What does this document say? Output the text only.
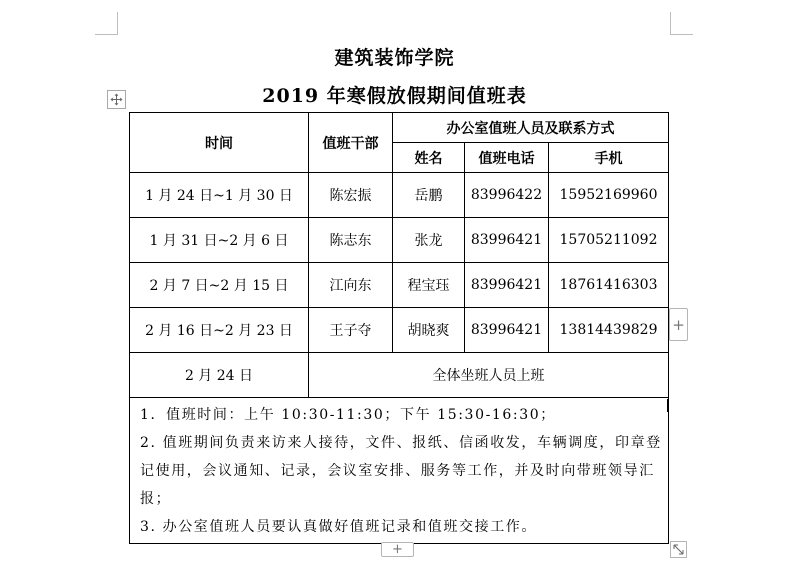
建筑装饰学院
2019 年寒假放假期间值班表
时间	值班干部	办公室值班人员及联系方式		
		姓名	值班电话	手机
1 月 24 日~1 月 30 日	陈宏振	岳鹏	83996422	15952169960
1 月 31 日~2 月 6 日	陈志东	张龙	83996421	15705211092
2 月 7 日~2 月 15 日	江向东	程宝珏	83996421	18761416303
2 月 16 日~2 月 23 日	王子夺	胡晓爽	83996421	13814439829
2 月 24 日	全体坐班人员上班			

1．值班时间：上午 10:30-11:30；下午 15:30-16:30；
2. 值班期间负责来访来人接待，文件、报纸、信函收发，车辆调度，印章登记使用，会议通知、记录，会议室安排、服务等工作，并及时向带班领导汇报；
3. 办公室值班人员要认真做好值班记录和值班交接工作。				
+
+
